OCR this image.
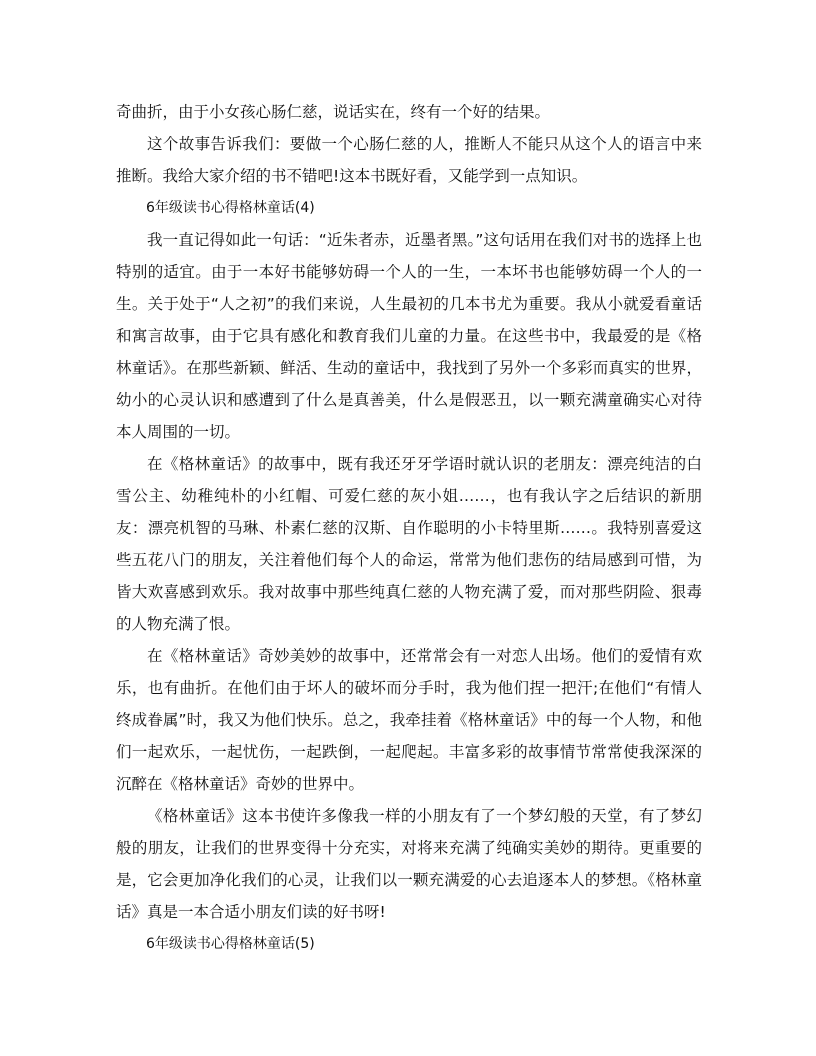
奇曲折，由于小女孩心肠仁慈，说话实在，终有一个好的结果。

这个故事告诉我们：要做一个心肠仁慈的人，推断人不能只从这个人的语言中来推断。我给大家介绍的书不错吧!这本书既好看，又能学到一点知识。

6年级读书心得格林童话(4)

我一直记得如此一句话：“近朱者赤，近墨者黑。”这句话用在我们对书的选择上也特别的适宜。由于一本好书能够妨碍一个人的一生，一本坏书也能够妨碍一个人的一生。关于处于“人之初”的我们来说，人生最初的几本书尤为重要。我从小就爱看童话和寓言故事，由于它具有感化和教育我们儿童的力量。在这些书中，我最爱的是《格林童话》。在那些新颖、鲜活、生动的童话中，我找到了另外一个多彩而真实的世界，幼小的心灵认识和感遭到了什么是真善美，什么是假恶丑，以一颗充满童确实心对待本人周围的一切。

在《格林童话》的故事中，既有我还牙牙学语时就认识的老朋友：漂亮纯洁的白雪公主、幼稚纯朴的小红帽、可爱仁慈的灰小姐……，也有我认字之后结识的新朋友：漂亮机智的马琳、朴素仁慈的汉斯、自作聪明的小卡特里斯……。我特别喜爱这些五花八门的朋友，关注着他们每个人的命运，常常为他们悲伤的结局感到可惜，为皆大欢喜感到欢乐。我对故事中那些纯真仁慈的人物充满了爱，而对那些阴险、狠毒的人物充满了恨。

在《格林童话》奇妙美妙的故事中，还常常会有一对恋人出场。他们的爱情有欢乐，也有曲折。在他们由于坏人的破坏而分手时，我为他们捏一把汗;在他们“有情人终成眷属”时，我又为他们快乐。总之，我牵挂着《格林童话》中的每一个人物，和他们一起欢乐，一起忧伤，一起跌倒，一起爬起。丰富多彩的故事情节常常使我深深的沉醉在《格林童话》奇妙的世界中。

《格林童话》这本书使许多像我一样的小朋友有了一个梦幻般的天堂，有了梦幻般的朋友，让我们的世界变得十分充实，对将来充满了纯确实美妙的期待。更重要的是，它会更加净化我们的心灵，让我们以一颗充满爱的心去追逐本人的梦想。《格林童话》真是一本合适小朋友们读的好书呀!

6年级读书心得格林童话(5)
